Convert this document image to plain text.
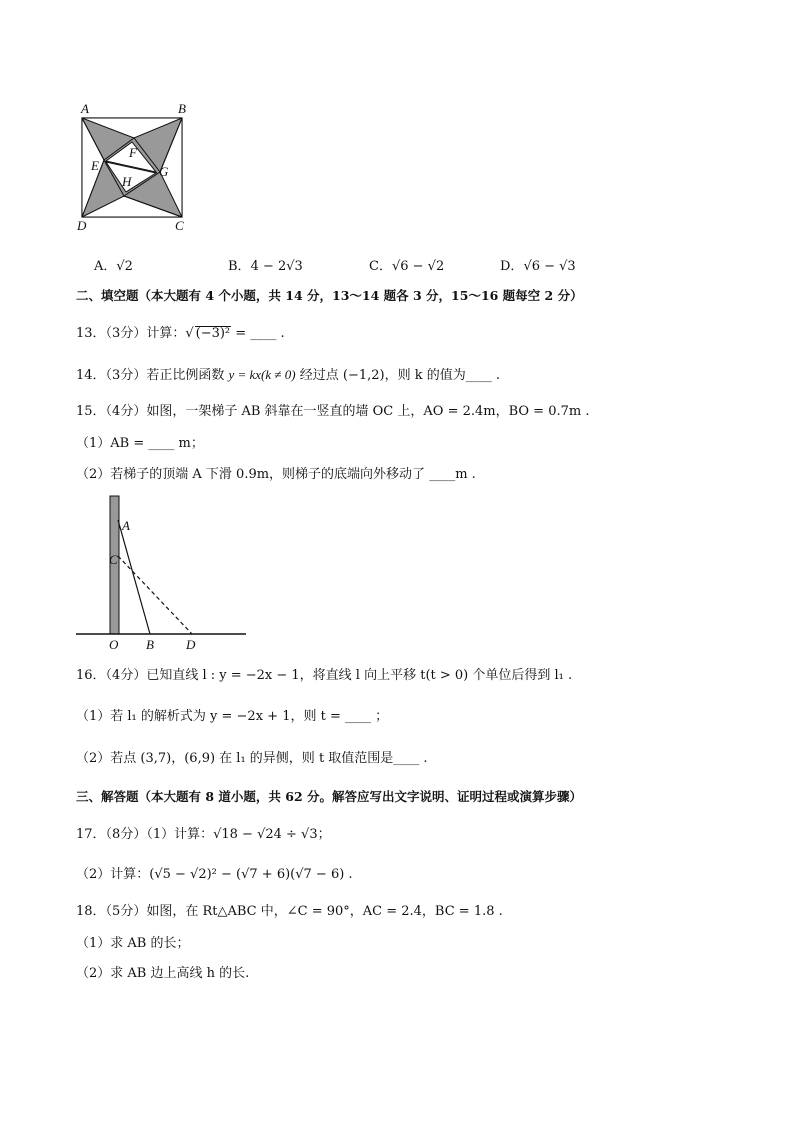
A	B
C
D
E
F
G
H
A．√2	B．4 − 2√3	C．√6 − √2	D．√6 − √3
二、填空题（本大题有 4 个小题，共 14 分，13～14 题各 3 分，15～16 题每空 2 分）
13．（3分）计算：√ (−3)² = ____ .
14．（3分）若正比例函数 y = kx(k ≠ 0) 经过点 (−1,2)，则 k 的值为____ .
15．（4分）如图，一架梯子 AB 斜靠在一竖直的墙 OC 上，AO = 2.4m，BO = 0.7m .
（1）AB = ____ m；
（2）若梯子的顶端 A 下滑 0.9m，则梯子的底端向外移动了 ____m .
A
C
O B D
16．（4分）已知直线 l : y = −2x − 1，将直线 l 向上平移 t(t > 0) 个单位后得到 l₁ .
（1）若 l₁ 的解析式为 y = −2x + 1，则 t = ____ ；
（2）若点 (3,7)，(6,9) 在 l₁ 的异侧，则 t 取值范围是____ .
三、解答题（本大题有 8 道小题，共 62 分。解答应写出文字说明、证明过程或演算步骤）
17．（8分）（1）计算：√18 − √24 ÷ √3；
（2）计算：(√5 − √2)² − (√7 + 6)(√7 − 6) .
18．（5分）如图，在 Rt△ABC 中，∠C = 90°，AC = 2.4，BC = 1.8 .
（1）求 AB 的长；
（2）求 AB 边上高线 h 的长.
